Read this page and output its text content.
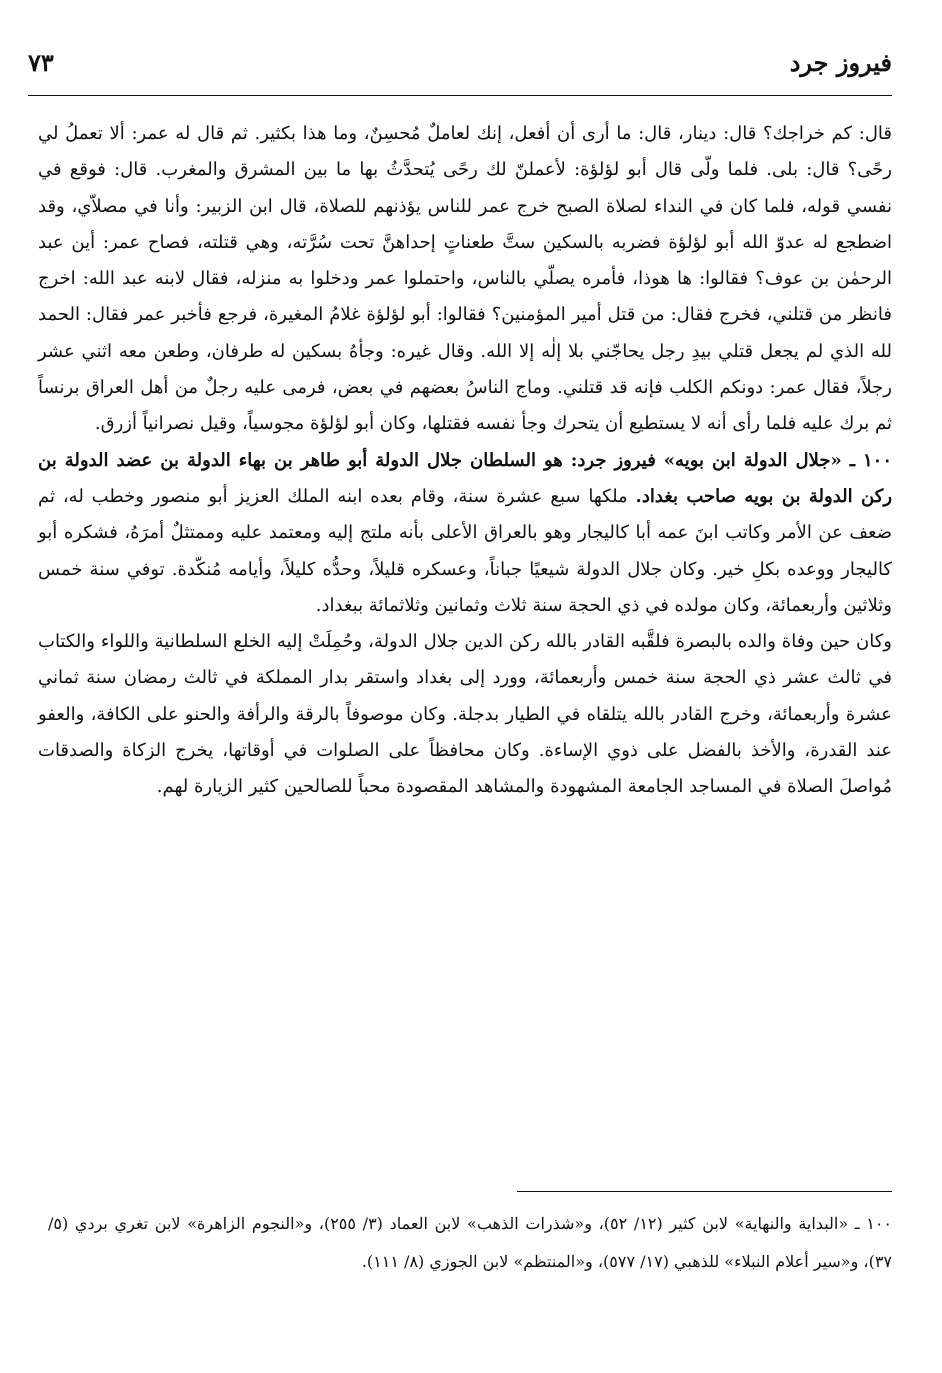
فيروز جرد
٧٣

قال: كم خراجك؟ قال: دينار، قال: ما أرى أن أفعل، إنك لعاملٌ مُحسِنٌ، وما هذا بكثير. ثم قال له عمر: ألا تعملُ لي رحًى؟ قال: بلى. فلما ولّى قال أبو لؤلؤة: لأعملنّ لك رحًى يُتحدَّثُ بها ما بين المشرق والمغرب. قال: فوقع في نفسي قوله، فلما كان في النداء لصلاة الصبح خرج عمر للناس يؤذنهم للصلاة، قال ابن الزبير: وأنا في مصلاّي، وقد اضطجع له عدوّ الله أبو لؤلؤة فضربه بالسكين ستَّ طعناتٍ إحداهنَّ تحت سُرَّته، وهي قتلته، فصاح عمر: أين عبد الرحمٰن بن عوف؟ فقالوا: ها هوذا، فأمره يصلّي بالناس، واحتملوا عمر ودخلوا به منزله، فقال لابنه عبد الله: اخرج فانظر من قتلني، فخرج فقال: من قتل أمير المؤمنين؟ فقالوا: أبو لؤلؤة غلامُ المغيرة، فرجع فأخبر عمر فقال: الحمد لله الذي لم يجعل قتلي بيدِ رجل يحاجّني بلا إلٰه إلا الله. وقال غيره: وجأهُ بسكين له طرفان، وطعن معه اثني عشر رجلاً، فقال عمر: دونكم الكلب فإنه قد قتلني. وماج الناسُ بعضهم في بعض، فرمى عليه رجلٌ من أهل العراق برنساً ثم برك عليه فلما رأى أنه لا يستطيع أن يتحرك وجأ نفسه فقتلها، وكان أبو لؤلؤة مجوسياً، وقيل نصرانياً أزرق.

١٠٠ ـ «جلال الدولة ابن بويه» فيروز جرد: هو السلطان جلال الدولة أبو طاهر بن بهاء الدولة بن عضد الدولة بن ركن الدولة بن بويه صاحب بغداد. ملكها سبع عشرة سنة، وقام بعده ابنه الملك العزيز أبو منصور وخطب له، ثم ضعف عن الأمر وكاتب ابنَ عمه أبا كاليجار وهو بالعراق الأعلى بأنه ملتج إليه ومعتمد عليه وممتثلٌ أمرَهُ، فشكره أبو كاليجار ووعده بكلِ خير. وكان جلال الدولة شيعيًا جباناً، وعسكره قليلاً، وحدُّه كليلاً، وأيامه مُنكّدة. توفي سنة خمس وثلاثين وأربعمائة، وكان مولده في ذي الحجة سنة ثلاث وثمانين وثلاثمائة ببغداد.

وكان حين وفاة والده بالبصرة فلقَّبه القادر بالله ركن الدين جلال الدولة، وحُمِلَتْ إليه الخلع السلطانية واللواء والكتاب في ثالث عشر ذي الحجة سنة خمس وأربعمائة، وورد إلى بغداد واستقر بدار المملكة في ثالث رمضان سنة ثماني عشرة وأربعمائة، وخرج القادر بالله يتلقاه في الطيار بدجلة. وكان موصوفاً بالرقة والرأفة والحنو على الكافة، والعفو عند القدرة، والأخذ بالفضل على ذوي الإساءة. وكان محافظاً على الصلوات في أوقاتها، يخرج الزكاة والصدقات مُواصلَ الصلاة في المساجد الجامعة المشهودة والمشاهد المقصودة محباً للصالحين كثير الزيارة لهم.

١٠٠ ـ «البداية والنهاية» لابن كثير (١٢/ ٥٢)، و«شذرات الذهب» لابن العماد (٣/ ٢٥٥)، و«النجوم الزاهرة» لابن تغري بردي (٥/ ٣٧)، و«سير أعلام النبلاء» للذهبي (١٧/ ٥٧٧)، و«المنتظم» لابن الجوزي (٨/ ١١١).
